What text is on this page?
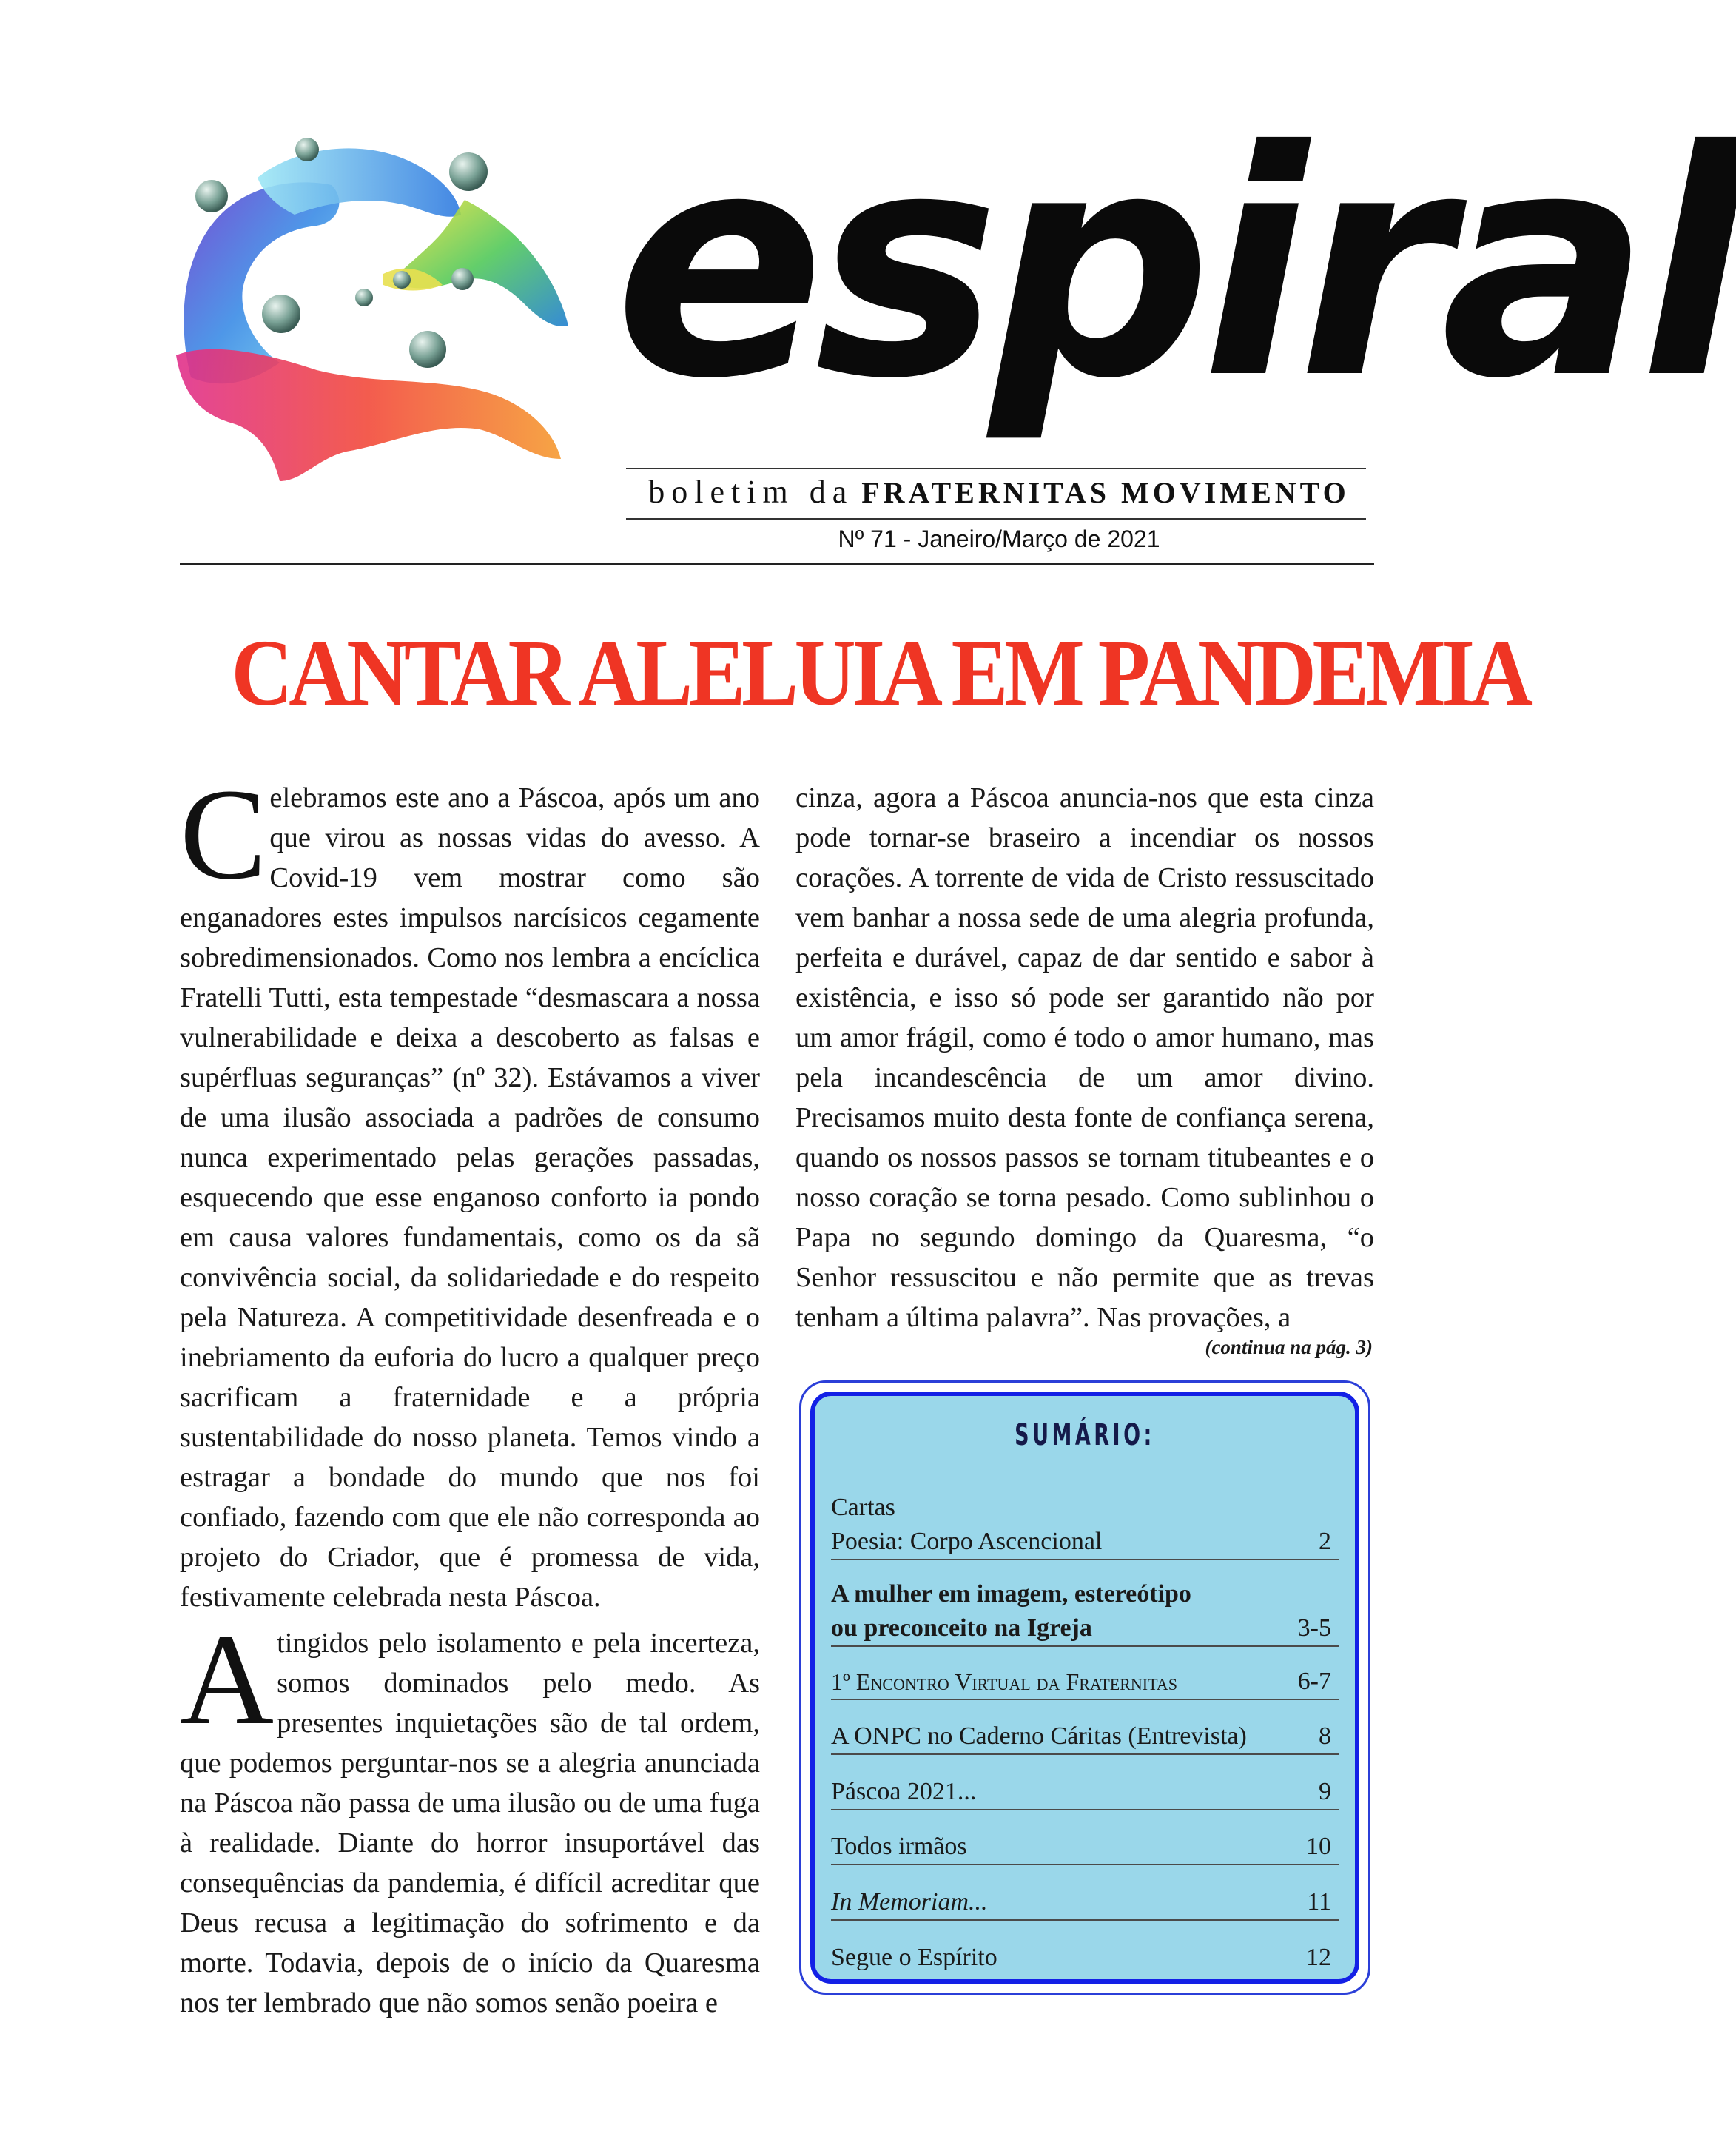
espiral
boletim da FRATERNITAS MOVIMENTO
Nº 71 - Janeiro/Março de 2021
CANTAR ALELUIA EM PANDEMIA

Celebramos este ano a Páscoa, após um ano que virou as nossas vidas do avesso. A Covid-19 vem mostrar como são enganadores estes impulsos narcísicos cegamente sobredimensionados. Como nos lembra a encíclica Fratelli Tutti, esta tempestade “desmascara a nossa vulnerabilidade e deixa a descoberto as falsas e supérfluas seguranças” (nº 32). Estávamos a viver de uma ilusão associada a padrões de consumo nunca experimentado pelas gerações passadas, esquecendo que esse enganoso conforto ia pondo em causa valores fundamentais, como os da sã convivência social, da solidariedade e do respeito pela Natureza. A competitividade desenfreada e o inebriamento da euforia do lucro a qualquer preço sacrificam a fraternidade e a própria sustentabilidade do nosso planeta. Temos vindo a estragar a bondade do mundo que nos foi confiado, fazendo com que ele não corresponda ao projeto do Criador, que é promessa de vida, festivamente celebrada nesta Páscoa.

Atingidos pelo isolamento e pela incerteza, somos dominados pelo medo. As presentes inquietações são de tal ordem, que podemos perguntar-nos se a alegria anunciada na Páscoa não passa de uma ilusão ou de uma fuga à realidade. Diante do horror insuportável das consequências da pandemia, é difícil acreditar que Deus recusa a legitimação do sofrimento e da morte. Todavia, depois de o início da Quaresma nos ter lembrado que não somos senão poeira e

cinza, agora a Páscoa anuncia-nos que esta cinza pode tornar-se braseiro a incendiar os nossos corações. A torrente de vida de Cristo ressuscitado vem banhar a nossa sede de uma alegria profunda, perfeita e durável, capaz de dar sentido e sabor à existência, e isso só pode ser garantido não por um amor frágil, como é todo o amor humano, mas pela incandescência de um amor divino. Precisamos muito desta fonte de confiança serena, quando os nossos passos se tornam titubeantes e o nosso coração se torna pesado. Como sublinhou o Papa no segundo domingo da Quaresma, “o Senhor ressuscitou e não permite que as trevas tenham a última palavra”. Nas provações, a

(continua na pág. 3)
SUMÁRIO:
Cartas
Poesia: Corpo Ascencional	2
A mulher em imagem, estereótipo
ou preconceito na Igreja	3-5
1º Encontro Virtual da Fraternitas	6-7
A ONPC no Caderno Cáritas (Entrevista)	8
Páscoa 2021...	9
Todos irmãos	10
In Memoriam...	11
Segue o Espírito	12
